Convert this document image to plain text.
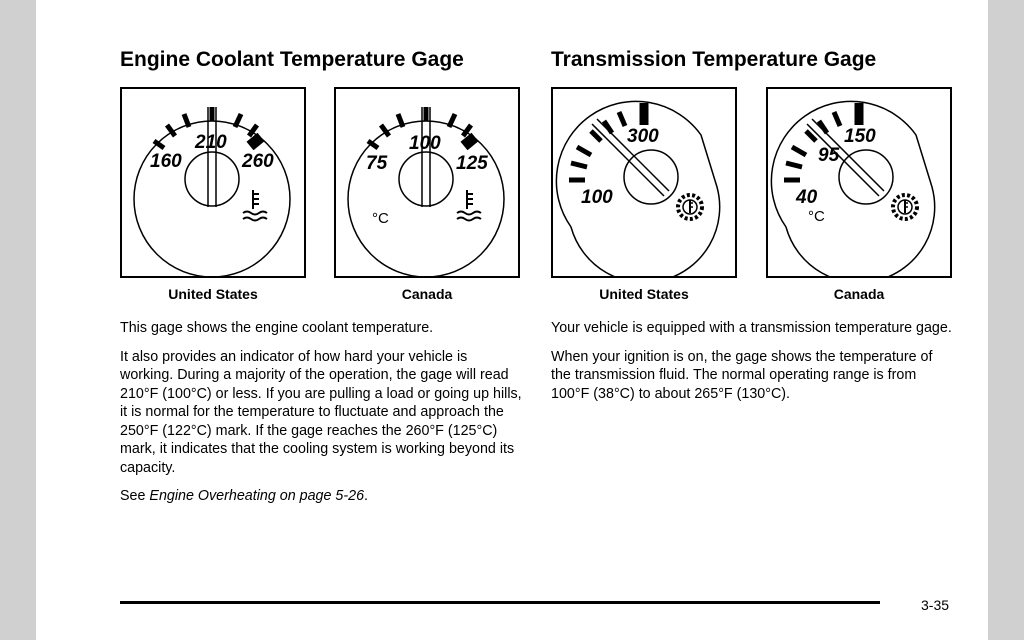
Engine Coolant Temperature Gage	Transmission Temperature Gage
160
210
260	75
100
125
°C
100
300
40
95
150
°C
United States	Canada	United States	Canada

This gage shows the engine coolant temperature.

It also provides an indicator of how hard your vehicle is working. During a majority of the operation, the gage will read 210°F (100°C) or less. If you are pulling a load or going up hills, it is normal for the temperature to fluctuate and approach the 250°F (122°C) mark. If the gage reaches the 260°F (125°C) mark, it indicates that the cooling system is working beyond its capacity.

See Engine Overheating on page 5-26.

Your vehicle is equipped with a transmission temperature gage.

When your ignition is on, the gage shows the temperature of the transmission fluid. The normal operating range is from 100°F (38°C) to about 265°F (130°C).

3-35
